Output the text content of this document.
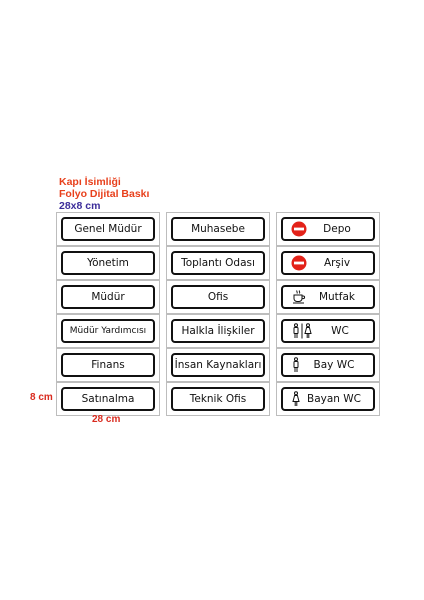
Kapı İsimliği
Folyo Dijital Baskı
28x8 cm
Genel Müdür
Yönetim
Müdür
Müdür Yardımcısı
Finans
Satınalma
Muhasebe
Toplantı Odası
Ofis
Halkla İlişkiler
İnsan Kaynakları
Teknik Ofis
Depo
Arşiv
Mutfak
WC
Bay WC
Bayan WC
8 cm
28 cm
